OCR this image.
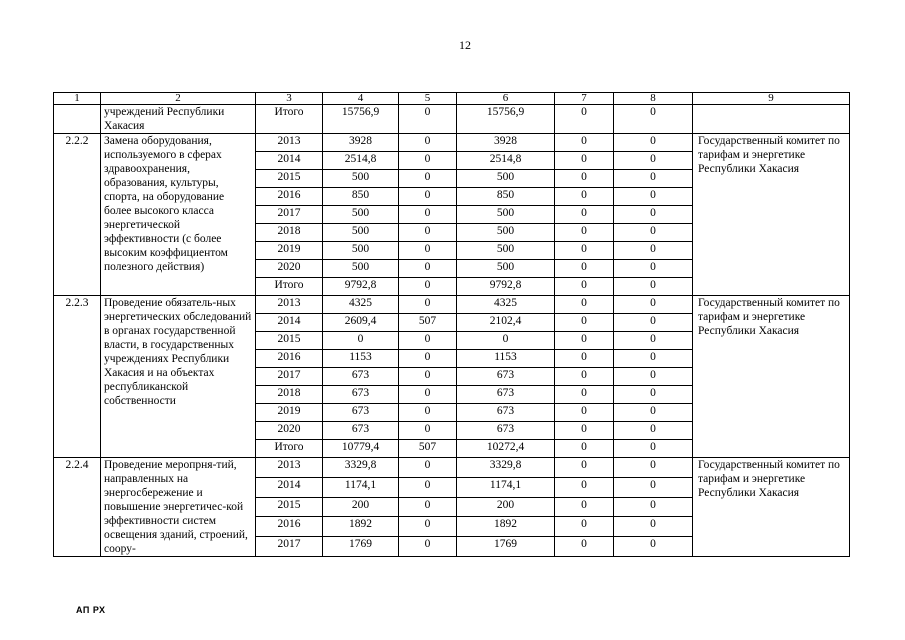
12
1	2	3	4	5	6	7	8	9
	учреждений Республики Хакасия	Итого	15756,9	0	15756,9	0	0	
2.2.2	Замена оборудования, используемого в сферах здравоохранения, образования, культуры, спорта, на оборудование более высокого класса энергетической эффективности (с более высоким коэффициентом полезного действия)	2013	3928	0	3928	0	0	Государственный комитет по тарифам и энергетике Республики Хакасия
		2014	2514,8	0	2514,8	0	0	
		2015	500	0	500	0	0	
		2016	850	0	850	0	0	
		2017	500	0	500	0	0	
		2018	500	0	500	0	0	
		2019	500	0	500	0	0	
		2020	500	0	500	0	0	
		Итого	9792,8	0	9792,8	0	0	
2.2.3	Проведение обязатель-ных энергетических обследований в органах государственной власти, в государственных учреждениях Республики Хакасия и на объектах республиканской собственности	2013	4325	0	4325	0	0	Государственный комитет по тарифам и энергетике Республики Хакасия
		2014	2609,4	507	2102,4	0	0	
		2015	0	0	0	0	0	
		2016	1153	0	1153	0	0	
		2017	673	0	673	0	0	
		2018	673	0	673	0	0	
		2019	673	0	673	0	0	
		2020	673	0	673	0	0	
		Итого	10779,4	507	10272,4	0	0	
2.2.4	Проведение меропрня-тий, направленных на энергосбережение и повышение энергетичес-кой эффективности систем освещения зданий, строений, соору-	2013	3329,8	0	3329,8	0	0	Государственный комитет по тарифам и энергетике Республики Хакасия
		2014	1174,1	0	1174,1	0	0	
		2015	200	0	200	0	0	
		2016	1892	0	1892	0	0	
		2017	1769	0	1769	0	0	
АП РХ
